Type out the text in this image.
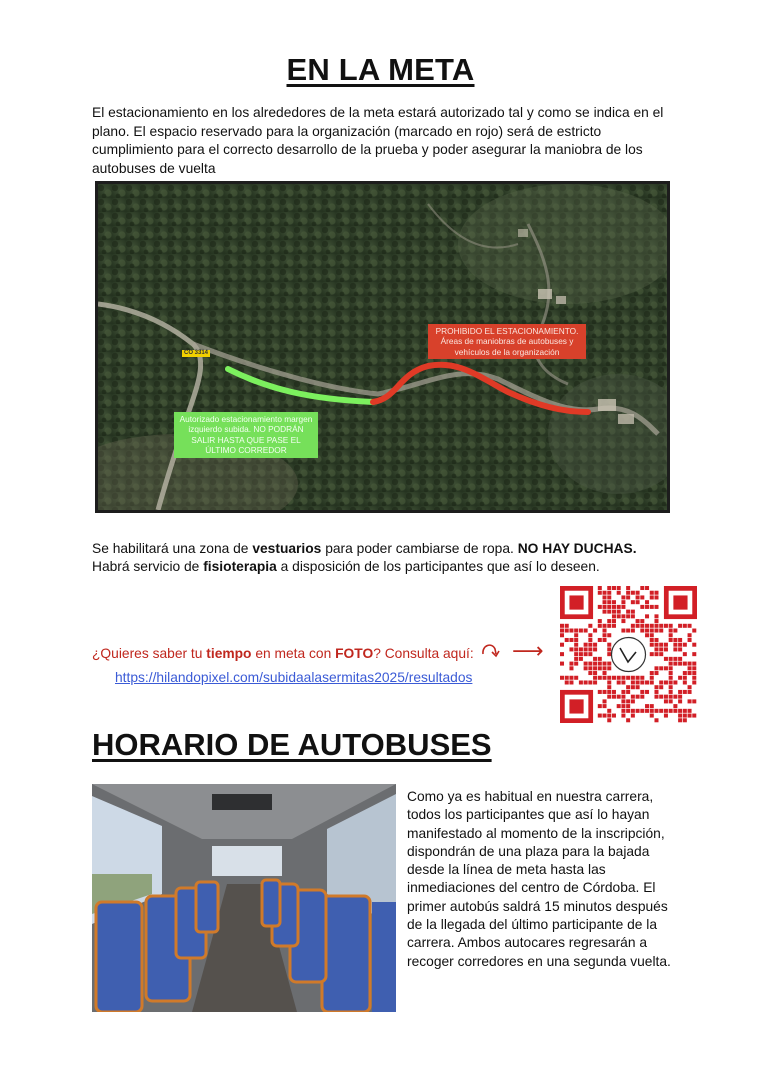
EN LA META
El estacionamiento en los alrededores de la meta estará autorizado tal y como se indica en el plano. El espacio reservado para la organización (marcado en rojo) será de estricto cumplimiento para el correcto desarrollo de la prueba y poder asegurar la maniobra de los autobuses de vuelta
CO 3314
PROHIBIDO EL ESTACIONAMIENTO.
Áreas de maniobras de autobuses y vehículos de la organización
Autorizado estacionamiento margen izquierdo subida. NO PODRÁN SALIR HASTA QUE PASE EL ÚLTIMO CORREDOR
Se habilitará una zona de vestuarios para poder cambiarse de ropa. NO HAY DUCHAS.
Habrá servicio de fisioterapia a disposición de los participantes que así lo deseen.
¿Quieres saber tu tiempo en meta con FOTO? Consulta aquí: ⟶
https://hilandopixel.com/subidaalasermitas2025/resultados
HORARIO DE AUTOBUSES
Como ya es habitual en nuestra carrera, todos los participantes que así lo hayan manifestado al momento de la inscripción, dispondrán de una plaza para la bajada desde la línea de meta hasta las inmediaciones del centro de Córdoba. El primer autobús saldrá 15 minutos después de la llegada del último participante de la carrera. Ambos autocares regresarán a recoger corredores en una segunda vuelta.
